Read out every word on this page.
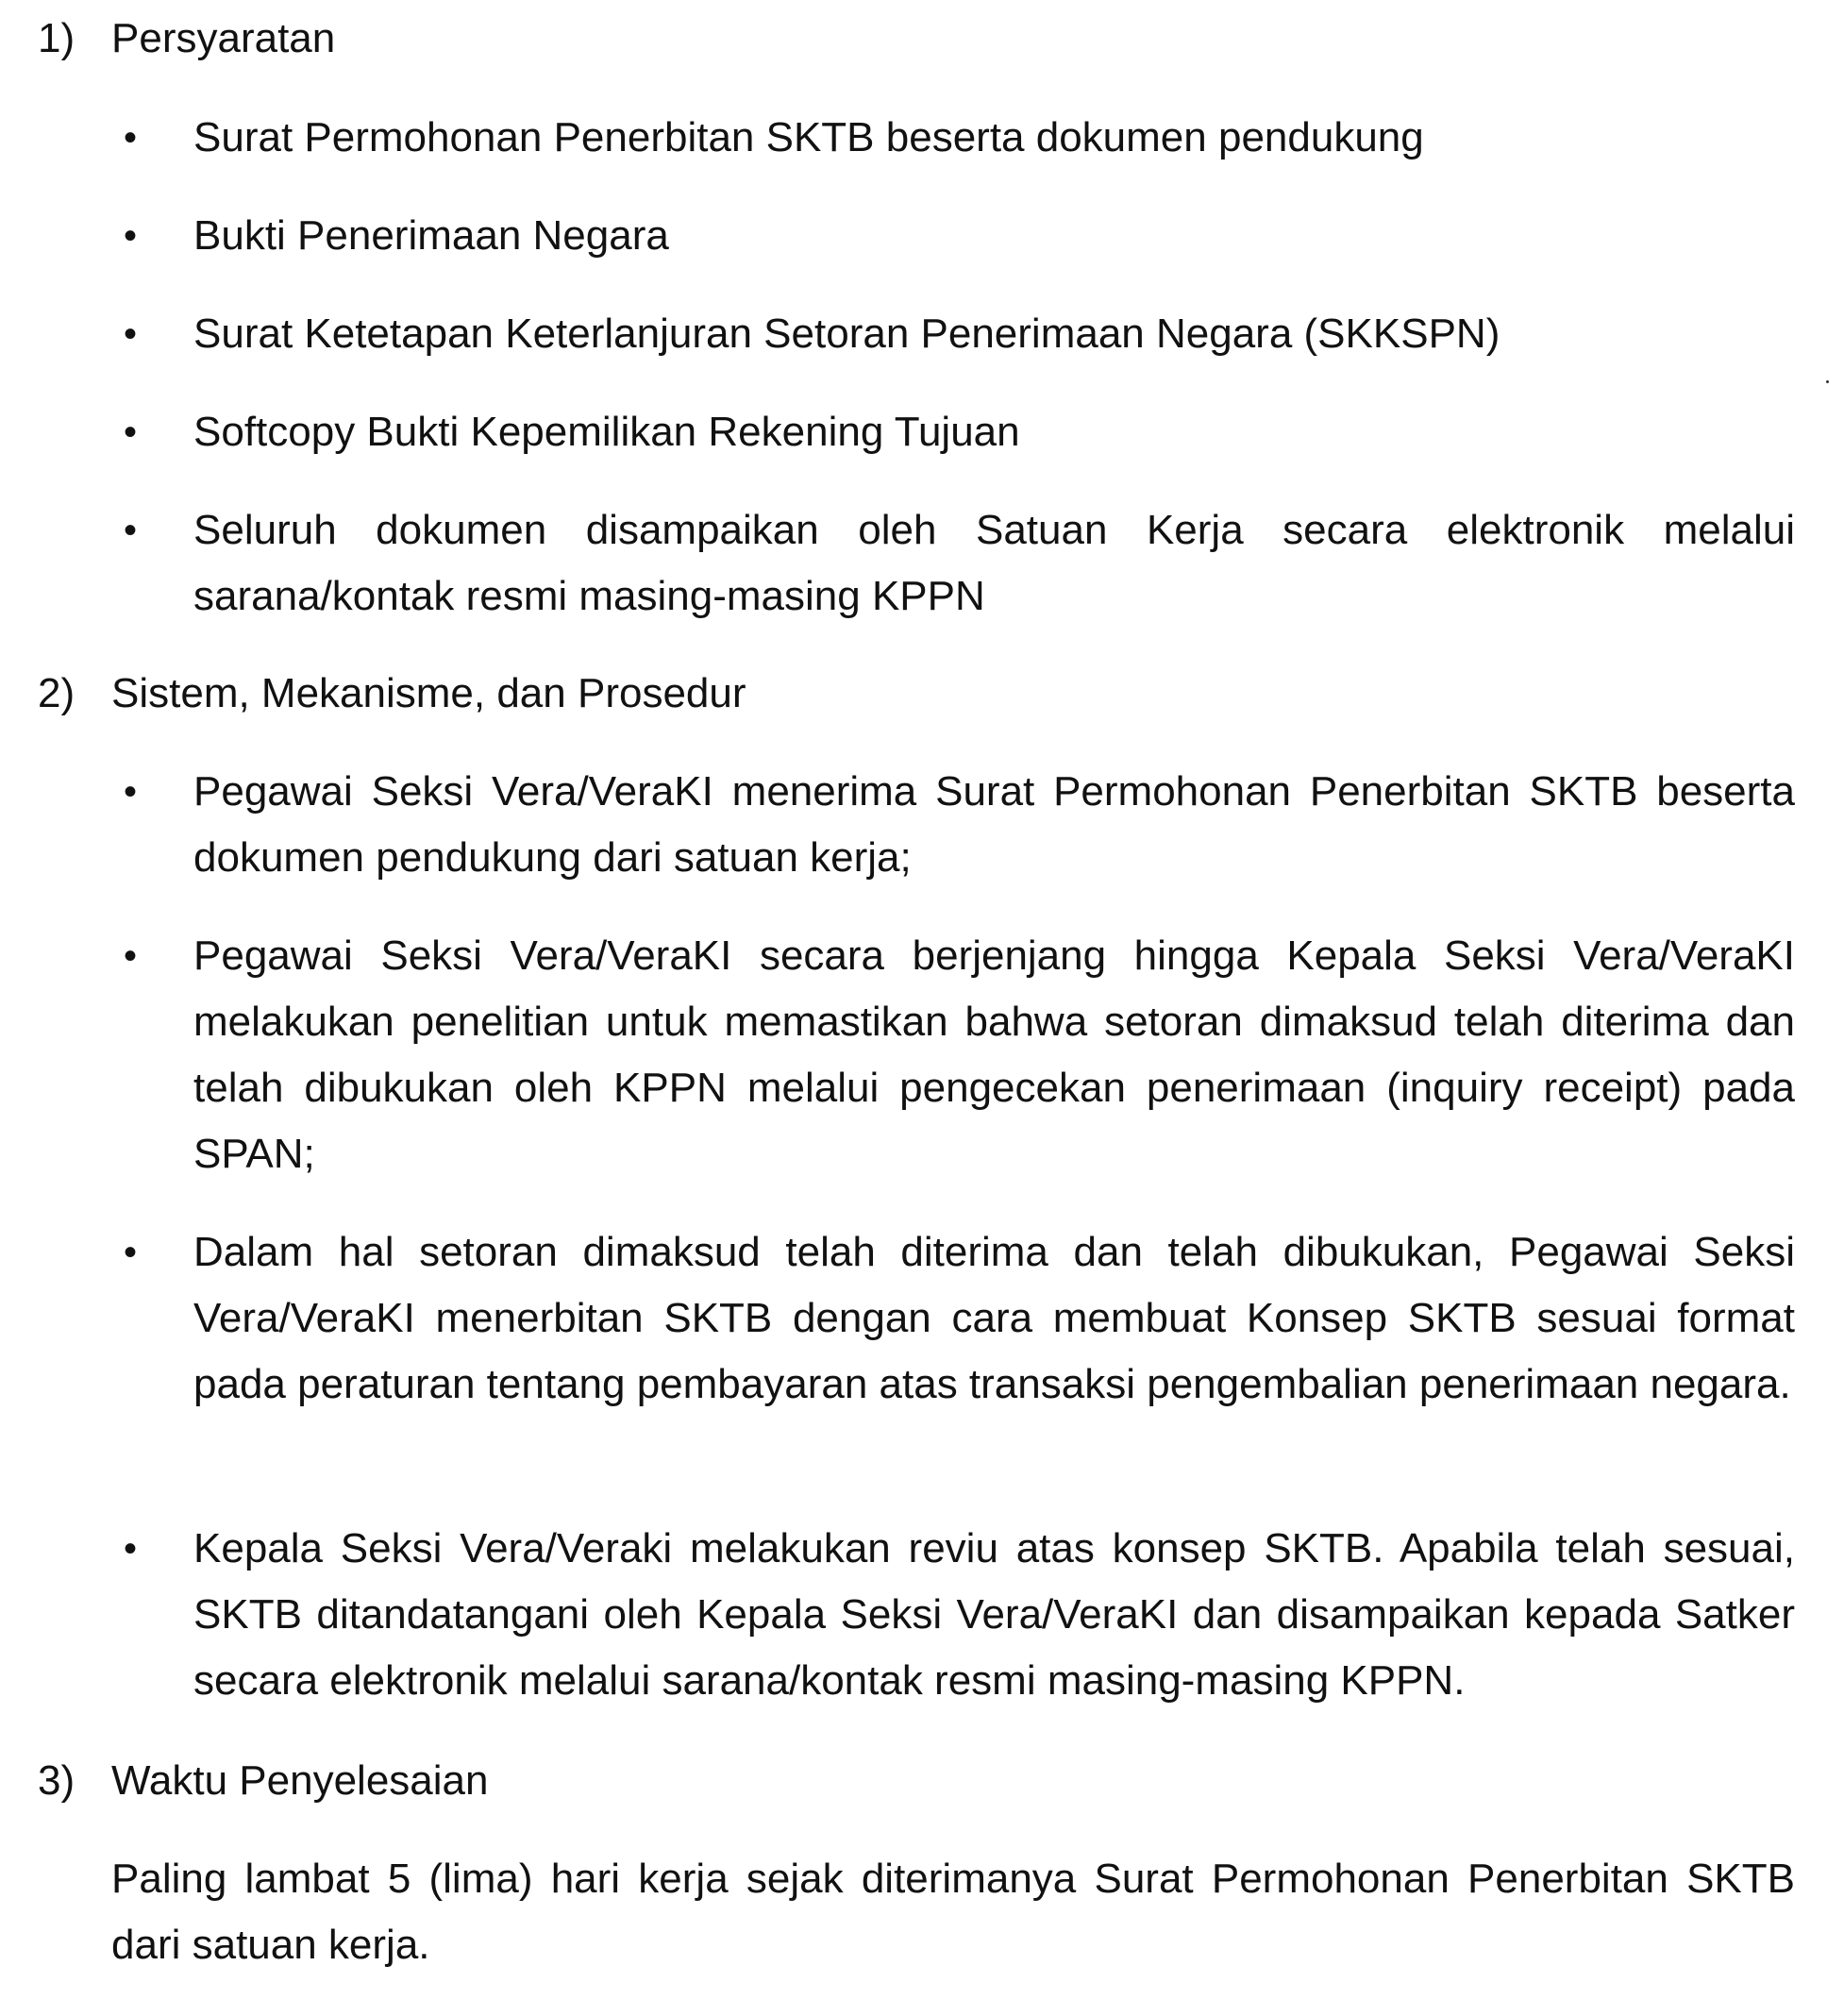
1) Persyaratan
• Surat Permohonan Penerbitan SKTB beserta dokumen pendukung
• Bukti Penerimaan Negara
• Surat Ketetapan Keterlanjuran Setoran Penerimaan Negara (SKKSPN)
• Softcopy Bukti Kepemilikan Rekening Tujuan
• Seluruh dokumen disampaikan oleh Satuan Kerja secara elektronik melalui sarana/kontak resmi masing-masing KPPN
2) Sistem, Mekanisme, dan Prosedur
• Pegawai Seksi Vera/VeraKI menerima Surat Permohonan Penerbitan SKTB beserta dokumen pendukung dari satuan kerja;
• Pegawai Seksi Vera/VeraKI secara berjenjang hingga Kepala Seksi Vera/VeraKI melakukan penelitian untuk memastikan bahwa setoran dimaksud telah diterima dan telah dibukukan oleh KPPN melalui pengecekan penerimaan (inquiry receipt) pada SPAN;
• Dalam hal setoran dimaksud telah diterima dan telah dibukukan, Pegawai Seksi Vera/VeraKI menerbitan SKTB dengan cara membuat Konsep SKTB sesuai format pada peraturan tentang pembayaran atas transaksi pengembalian penerimaan negara.
• Kepala Seksi Vera/Veraki melakukan reviu atas konsep SKTB. Apabila telah sesuai, SKTB ditandatangani oleh Kepala Seksi Vera/VeraKI dan disampaikan kepada Satker secara elektronik melalui sarana/kontak resmi masing-masing KPPN.
3) Waktu Penyelesaian
Paling lambat 5 (lima) hari kerja sejak diterimanya Surat Permohonan Penerbitan SKTB dari satuan kerja.
